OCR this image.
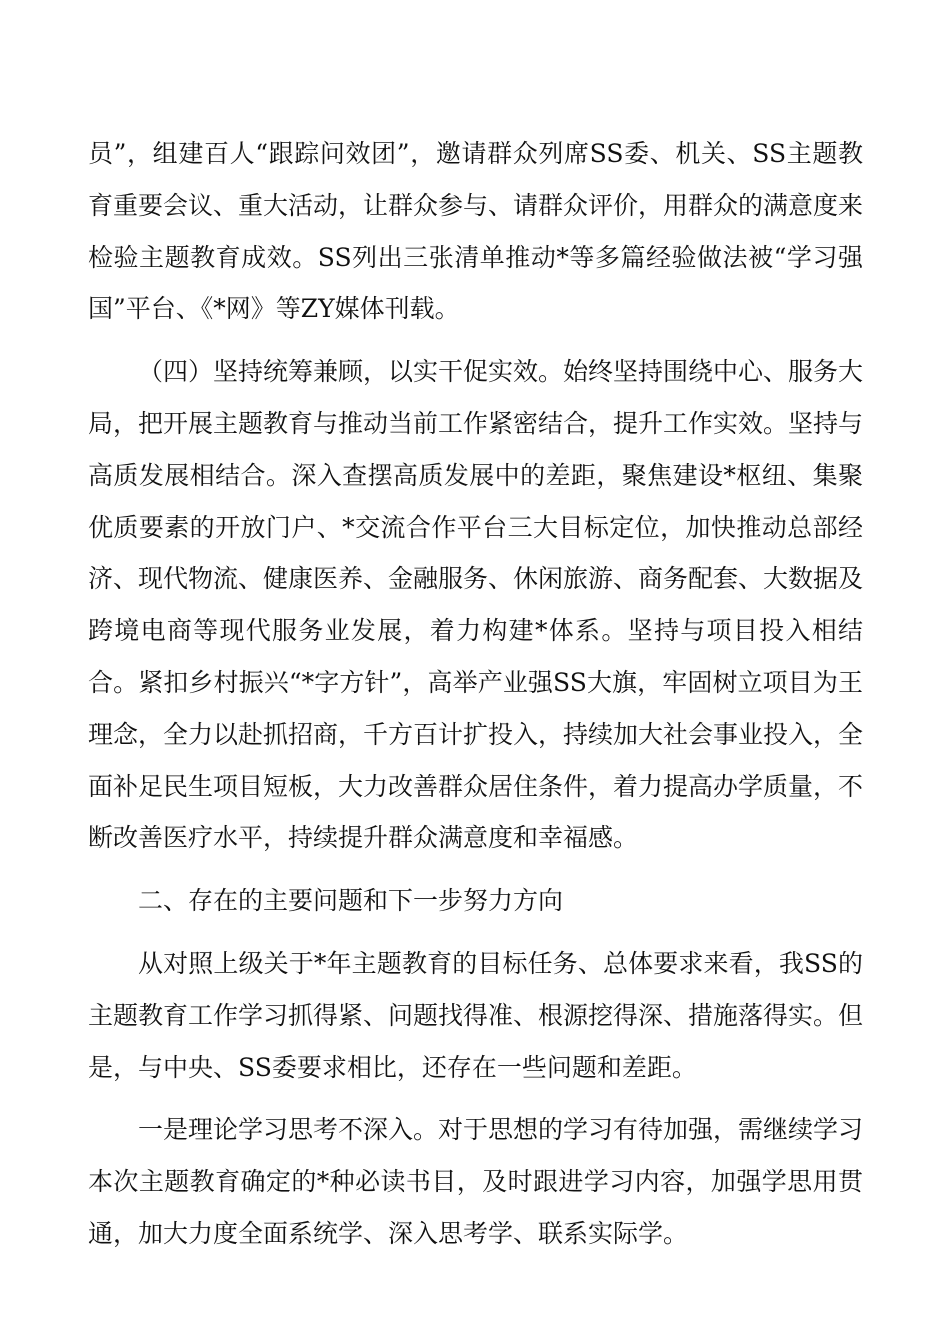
员”，组建百人“跟踪问效团”，邀请群众列席SS委、机关、SS主题教育重要会议、重大活动，让群众参与、请群众评价，用群众的满意度来检验主题教育成效。SS列出三张清单推动*等多篇经验做法被“学习强国”平台、《*网》等ZY媒体刊载。

（四）坚持统筹兼顾，以实干促实效。始终坚持围绕中心、服务大局，把开展主题教育与推动当前工作紧密结合，提升工作实效。坚持与高质发展相结合。深入查摆高质发展中的差距，聚焦建设*枢纽、集聚优质要素的开放门户、*交流合作平台三大目标定位，加快推动总部经济、现代物流、健康医养、金融服务、休闲旅游、商务配套、大数据及跨境电商等现代服务业发展，着力构建*体系。坚持与项目投入相结合。紧扣乡村振兴“*字方针”，高举产业强SS大旗，牢固树立项目为王理念，全力以赴抓招商，千方百计扩投入，持续加大社会事业投入，全面补足民生项目短板，大力改善群众居住条件，着力提高办学质量，不断改善医疗水平，持续提升群众满意度和幸福感。

二、存在的主要问题和下一步努力方向

从对照上级关于*年主题教育的目标任务、总体要求来看，我SS的主题教育工作学习抓得紧、问题找得准、根源挖得深、措施落得实。但是，与中央、SS委要求相比，还存在一些问题和差距。

一是理论学习思考不深入。对于思想的学习有待加强，需继续学习本次主题教育确定的*种必读书目，及时跟进学习内容，加强学思用贯通，加大力度全面系统学、深入思考学、联系实际学。
